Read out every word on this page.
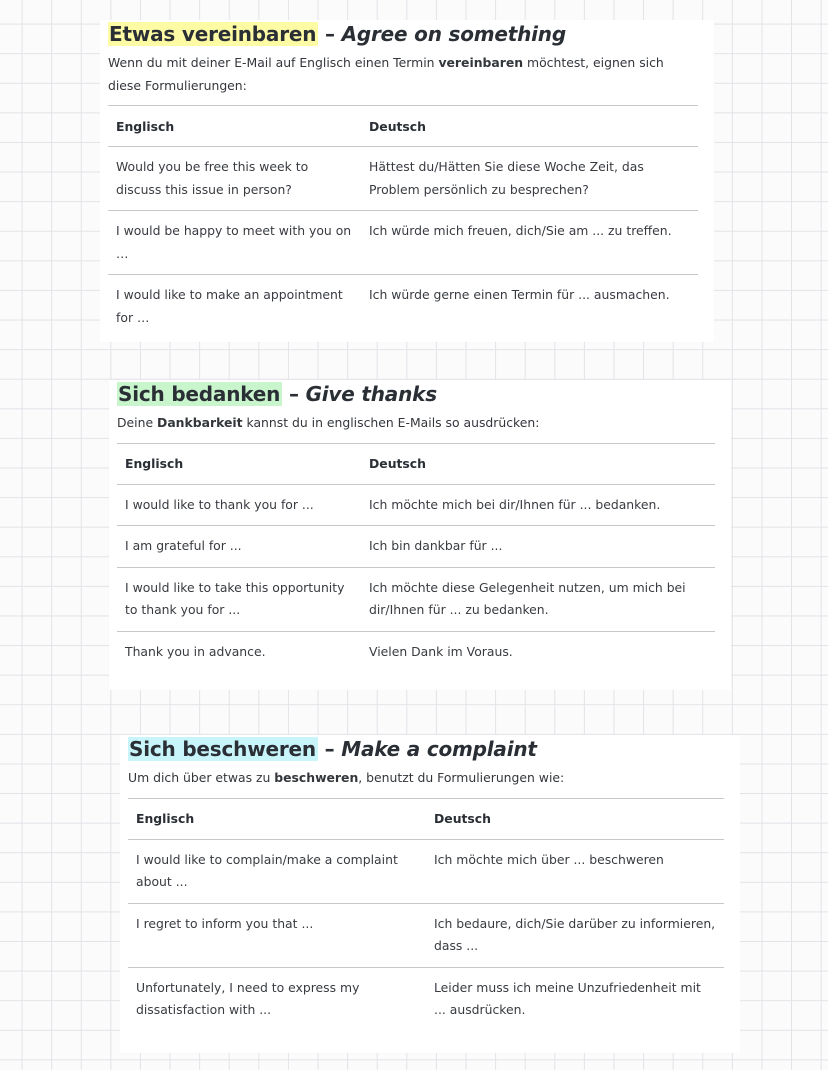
Etwas vereinbaren – Agree on something

Wenn du mit deiner E-Mail auf Englisch einen Termin vereinbaren möchtest, eignen sich diese Formulierungen:

Englisch	Deutsch
Would you be free this week to discuss this issue in person?	Hättest du/Hätten Sie diese Woche Zeit, das Problem persönlich zu besprechen?
I would be happy to meet with you on …	Ich würde mich freuen, dich/Sie am ... zu treffen.
I would like to make an appointment for …	Ich würde gerne einen Termin für ... ausmachen.
Sich bedanken – Give thanks

Deine Dankbarkeit kannst du in englischen E-Mails so ausdrücken:

Englisch	Deutsch
I would like to thank you for ...	Ich möchte mich bei dir/Ihnen für ... bedanken.
I am grateful for ...	Ich bin dankbar für ...
I would like to take this opportunity to thank you for ...	Ich möchte diese Gelegenheit nutzen, um mich bei dir/Ihnen für ... zu bedanken.
Thank you in advance.	Vielen Dank im Voraus.
Sich beschweren – Make a complaint

Um dich über etwas zu beschweren, benutzt du Formulierungen wie:

Englisch	Deutsch
I would like to complain/make a complaint about ...	Ich möchte mich über ... beschweren
I regret to inform you that ...	Ich bedaure, dich/Sie darüber zu informieren, dass ...
Unfortunately, I need to express my dissatisfaction with ...	Leider muss ich meine Unzufriedenheit mit ... ausdrücken.
